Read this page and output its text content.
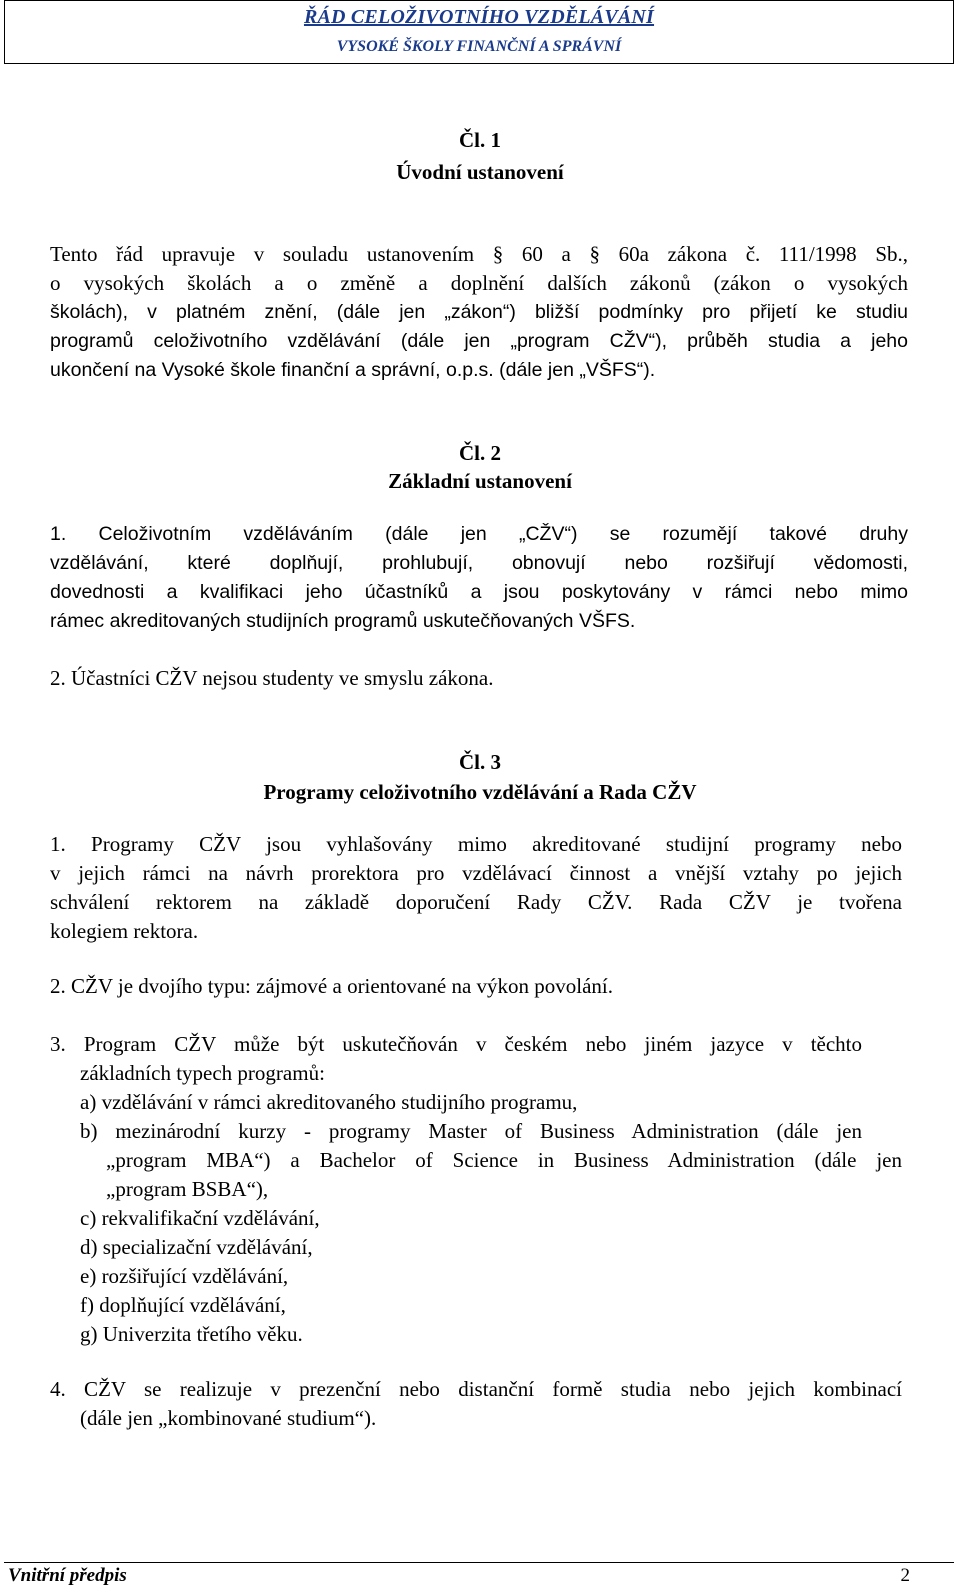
ŘÁD CELOŽIVOTNÍHO VZDĚLÁVÁNÍ
VYSOKÉ ŠKOLY FINANČNÍ A SPRÁVNÍ
Čl. 1
Úvodní ustanovení
Tento řád upravuje v souladu ustanovením § 60 a § 60a zákona č. 111/1998 Sb.,
o vysokých školách a o změně a doplnění dalších zákonů (zákon o vysokých
školách), v platném znění, (dále jen „zákon“) bližší podmínky pro přijetí ke studiu
programů celoživotního vzdělávání (dále jen „program CŽV“), průběh studia a jeho
ukončení na Vysoké škole finanční a správní, o.p.s. (dále jen „VŠFS“).
Čl. 2
Základní ustanovení
1. Celoživotním vzděláváním (dále jen „CŽV“) se rozumějí takové druhy
vzdělávání, které doplňují, prohlubují, obnovují nebo rozšiřují vědomosti,
dovednosti a kvalifikaci jeho účastníků a jsou poskytovány v rámci nebo mimo
rámec akreditovaných studijních programů uskutečňovaných VŠFS.
2. Účastníci CŽV nejsou studenty ve smyslu zákona.
Čl. 3
Programy celoživotního vzdělávání a Rada CŽV
1. Programy CŽV jsou vyhlašovány mimo akreditované studijní programy nebo
v jejich rámci na návrh prorektora pro vzdělávací činnost a vnější vztahy po jejich
schválení rektorem na základě doporučení Rady CŽV. Rada CŽV je tvořena
kolegiem rektora.
2. CŽV je dvojího typu: zájmové a orientované na výkon povolání.
3. Program CŽV může být uskutečňován v českém nebo jiném jazyce v těchto
základních typech programů:
a) vzdělávání v rámci akreditovaného studijního programu,
b) mezinárodní kurzy - programy Master of Business Administration (dále jen
„program MBA“) a Bachelor of Science in Business Administration (dále jen
„program BSBA“),
c) rekvalifikační vzdělávání,
d) specializační vzdělávání,
e) rozšiřující vzdělávání,
f) doplňující vzdělávání,
g) Univerzita třetího věku.
4. CŽV se realizuje v prezenční nebo distanční formě studia nebo jejich kombinací
(dále jen „kombinované studium“).
Vnitřní předpis	2
